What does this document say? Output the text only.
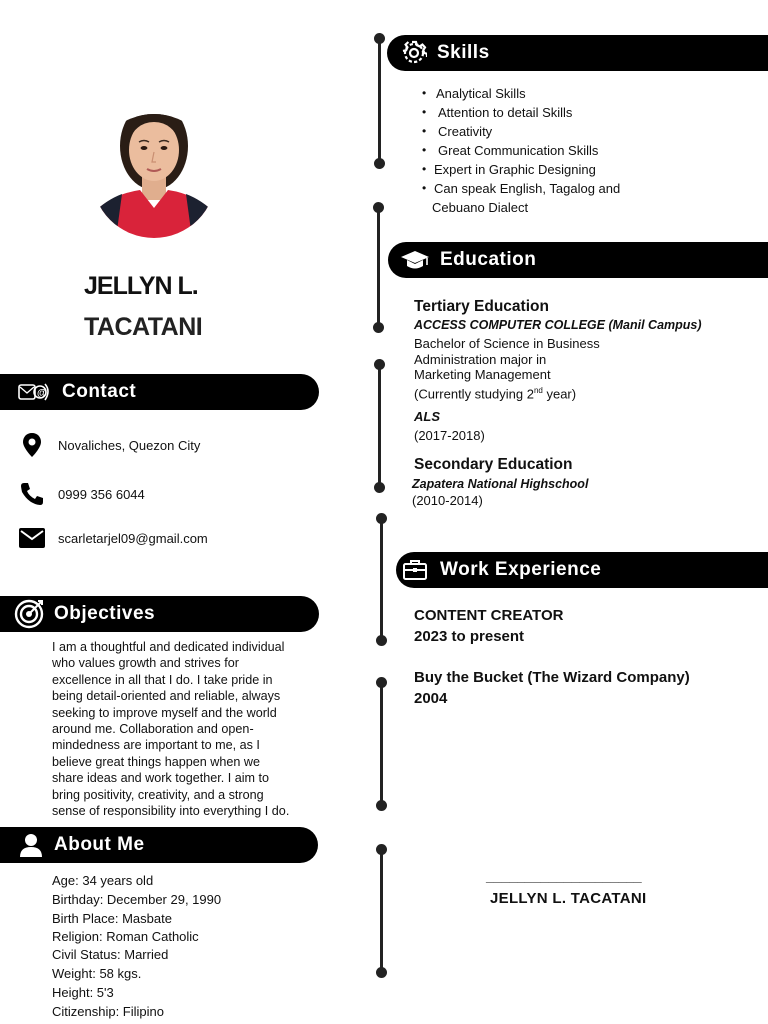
JELLYN L.
TACATANI
@ Contact
Novaliches, Quezon City
0999 356 6044
scarletarjel09@gmail.com
Objectives
I am a thoughtful and dedicated individual
who values growth and strives for
excellence in all that I do. I take pride in
being detail-oriented and reliable, always
seeking to improve myself and the world
around me. Collaboration and open-
mindedness are important to me, as I
believe great things happen when we
share ideas and work together. I aim to
bring positivity, creativity, and a strong
sense of responsibility into everything I do.
About Me
Age: 34 years old
Birthday: December 29, 1990
Birth Place: Masbate
Religion: Roman Catholic
Civil Status: Married
Weight: 58 kgs.
Height: 5'3
Citizenship: Filipino
Skills
• Analytical Skills
• Attention to detail Skills
• Creativity
• Great Communication Skills
• Expert in Graphic Designing
• Can speak English, Tagalog and
Cebuano Dialect
Education
Tertiary Education
ACCESS COMPUTER COLLEGE (Manil Campus)
Bachelor of Science in Business
Administration major in
Marketing Management
(Currently studying 2nd year)
ALS
(2017-2018)
Secondary Education
Zapatera National Highschool
(2010-2014)
Work Experience
CONTENT CREATOR
2023 to present
Buy the Bucket (The Wizard Company)
2004
____________________
JELLYN L. TACATANI
